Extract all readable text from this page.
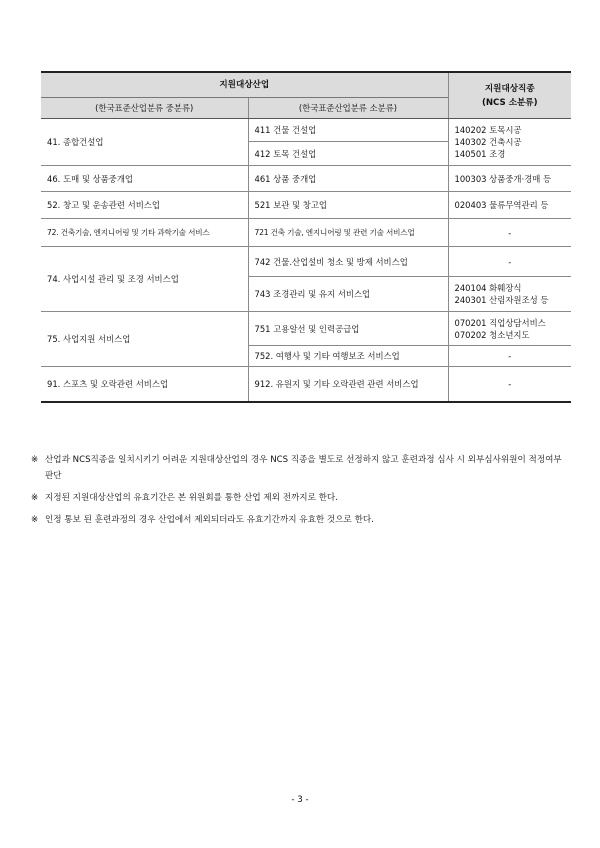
지원대상산업		지원대상직종
(NCS 소분류)

(한국표준산업분류 중분류)	(한국표준산업분류 소분류)	
41. 종합건설업	411 건물 건설업	140202 토목시공
140302 건축시공
140501 조경

	412 토목 건설업	
46. 도매 및 상품중개업	461 상품 중개업	100303 상품중개·경매 등
52. 창고 및 운송관련 서비스업	521 보관 및 창고업	020403 물류무역관리 등
72. 건축기술, 엔지니어링 및 기타 과학기술 서비스	721 건축 기술, 엔지니어링 및 관련 기술 서비스업	-
74. 사업시설 관리 및 조경 서비스업	742 건물.산업설비 청소 및 방제 서비스업	-
	743 조경관리 및 유지 서비스업	240104 화훼장식
240301 산림자원조성 등

75. 사업지원 서비스업	751 고용알선 및 인력공급업	070201 직업상담서비스
070202 청소년지도

	752. 여행사 및 기타 여행보조 서비스업	-
91. 스포츠 및 오락관련 서비스업	912. 유원지 및 기타 오락관련 관련 서비스업	-
※ 산업과 NCS직종을 일치시키기 어려운 지원대상산업의 경우 NCS 직종을 별도로 선정하지 않고 훈련과정 심사 시 외부심사위원이 적정여부 판단
※ 지정된 지원대상산업의 유효기간은 본 위원회를 통한 산업 제외 전까지로 한다.
※ 인정 통보 된 훈련과정의 경우 산업에서 제외되더라도 유효기간까지 유효한 것으로 한다.
- 3 -
